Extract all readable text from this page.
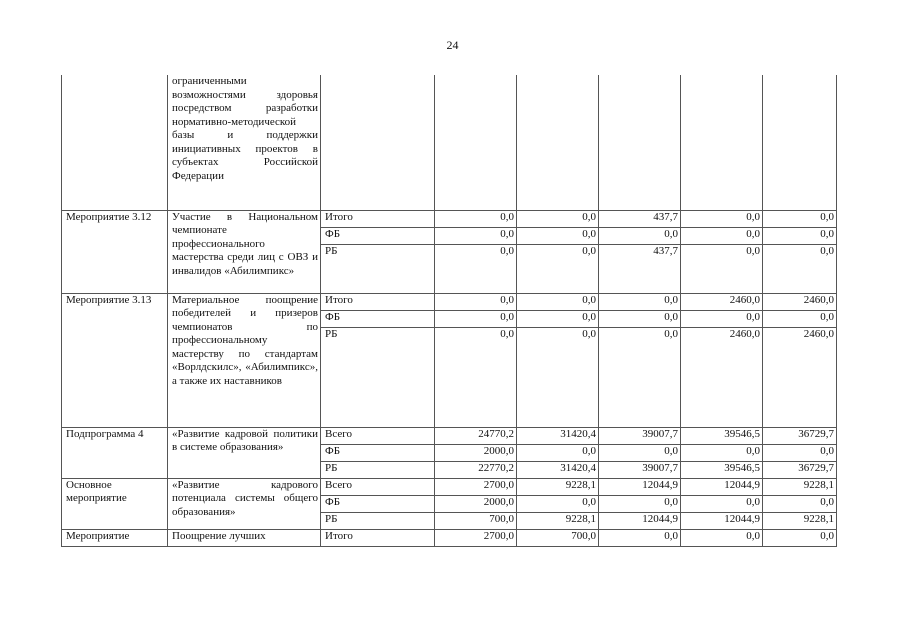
24
	ограниченными возможностями здоровья посредством разработки нормативно-методической базы и поддержки инициативных проектов в субъектах Российской Федерации						
Мероприятие 3.12	Участие в Национальном чемпионате профессионального мастерства среди лиц с ОВЗ и инвалидов «Абилимпикс»	Итого	0,0	0,0	437,7	0,0	0,0
		ФБ	0,0	0,0	0,0	0,0	0,0
		РБ	0,0	0,0	437,7	0,0	0,0
Мероприятие 3.13	Материальное поощрение победителей и призеров чемпионатов по профессиональному мастерству по стандартам «Ворлдскилс», «Абилимпикс», а также их наставников	Итого	0,0	0,0	0,0	2460,0	2460,0
		ФБ	0,0	0,0	0,0	0,0	0,0
		РБ	0,0	0,0	0,0	2460,0	2460,0
Подпрограмма 4	«Развитие кадровой политики в системе образования»	Всего	24770,2	31420,4	39007,7	39546,5	36729,7
		ФБ	2000,0	0,0	0,0	0,0	0,0
		РБ	22770,2	31420,4	39007,7	39546,5	36729,7
Основное мероприятие	«Развитие кадрового потенциала системы общего образования»	Всего	2700,0	9228,1	12044,9	12044,9	9228,1
		ФБ	2000,0	0,0	0,0	0,0	0,0
		РБ	700,0	9228,1	12044,9	12044,9	9228,1
Мероприятие	Поощрение лучших	Итого	2700,0	700,0	0,0	0,0	0,0
